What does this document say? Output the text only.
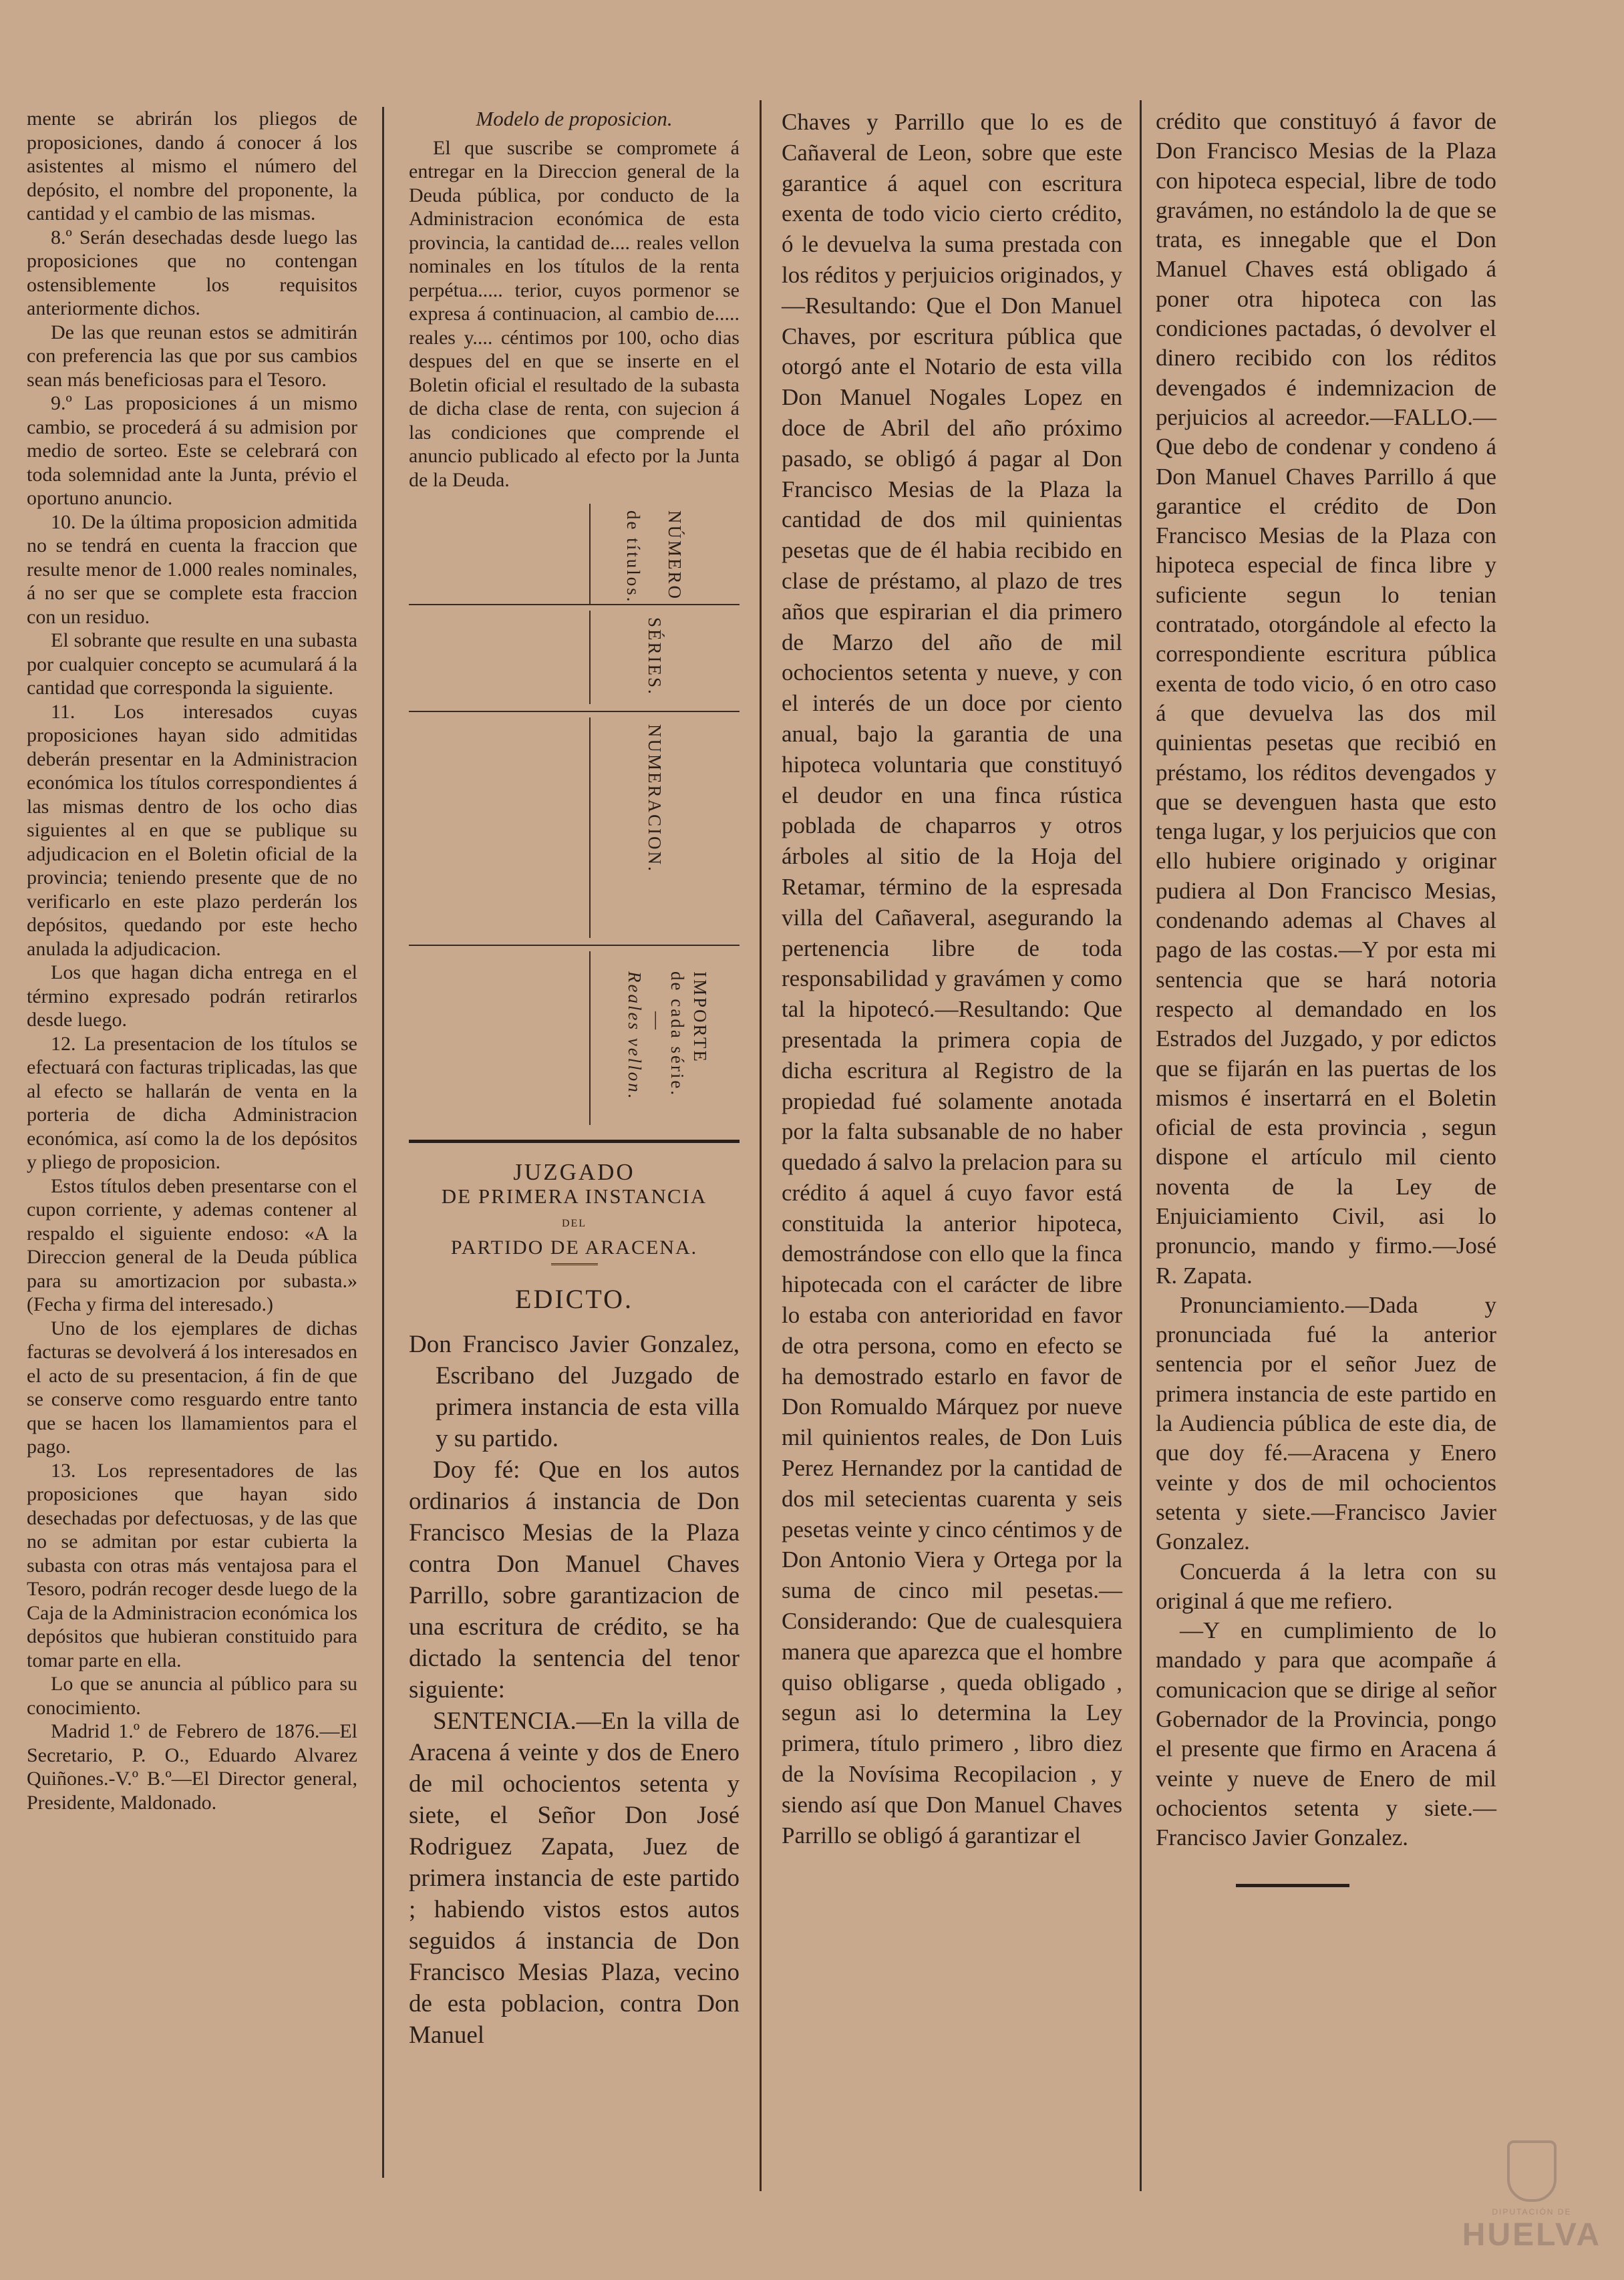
mente se abrirán los pliegos de proposiciones, dando á conocer á los asistentes al mismo el número del depósito, el nombre del proponente, la cantidad y el cambio de las mismas.

8.º Serán desechadas desde luego las proposiciones que no contengan ostensiblemente los requisitos anteriormente dichos.

De las que reunan estos se admitirán con preferencia las que por sus cambios sean más beneficiosas para el Tesoro.

9.º Las proposiciones á un mismo cambio, se procederá á su admision por medio de sorteo. Este se celebrará con toda solemnidad ante la Junta, prévio el oportuno anuncio.

10. De la última proposicion admitida no se tendrá en cuenta la fraccion que resulte menor de 1.000 reales nominales, á no ser que se complete esta fraccion con un residuo.

El sobrante que resulte en una subasta por cualquier concepto se acumulará á la cantidad que corresponda la siguiente.

11. Los interesados cuyas proposiciones hayan sido admitidas deberán presentar en la Administracion económica los títulos correspondientes á las mismas dentro de los ocho dias siguientes al en que se publique su adjudicacion en el Boletin oficial de la provincia; teniendo presente que de no verificarlo en este plazo perderán los depósitos, quedando por este hecho anulada la adjudicacion.

Los que hagan dicha entrega en el término expresado podrán retirarlos desde luego.

12. La presentacion de los títulos se efectuará con facturas triplicadas, las que al efecto se hallarán de venta en la porteria de dicha Administracion económica, así como la de los depósitos y pliego de proposicion.

Estos títulos deben presentarse con el cupon corriente, y ademas contener al respaldo el siguiente endoso: «A la Direccion general de la Deuda pública para su amortizacion por subasta.» (Fecha y firma del interesado.)

Uno de los ejemplares de dichas facturas se devolverá á los interesados en el acto de su presentacion, á fin de que se conserve como resguardo entre tanto que se hacen los llamamientos para el pago.

13. Los representadores de las proposiciones que hayan sido desechadas por defectuosas, y de las que no se admitan por estar cubierta la subasta con otras más ventajosa para el Tesoro, podrán recoger desde luego de la Caja de la Administracion económica los depósitos que hubieran constituido para tomar parte en ella.

Lo que se anuncia al público para su conocimiento.

Madrid 1.º de Febrero de 1876.—El Secretario, P. O., Eduardo Alvarez Quiñones.-V.º B.º—El Director general, Presidente, Maldonado.

Modelo de proposicion.

El que suscribe se compromete á entregar en la Direccion general de la Deuda pública, por conducto de la Administracion económica de esta provincia, la cantidad de.... reales vellon nominales en los títulos de la renta perpétua..... terior, cuyos pormenor se expresa á continuacion, al cambio de..... reales y.... céntimos por 100, ocho dias despues del en que se inserte en el Boletin oficial el resultado de la subasta de dicha clase de renta, con sujecion á las condiciones que comprende el anuncio publicado al efecto por la Junta de la Deuda.

NÚMERO
de títulos.
SÉRIES.
NUMERACION.
IMPORTE
de cada série.
—
Reales vellon.

JUZGADO

DE PRIMERA INSTANCIA

DEL

PARTIDO DE ARACENA.

EDICTO.

Don Francisco Javier Gonzalez, Escribano del Juzgado de primera instancia de esta villa y su partido.

Doy fé: Que en los autos ordinarios á instancia de Don Francisco Mesias de la Plaza contra Don Manuel Chaves Parrillo, sobre garantizacion de una escritura de crédito, se ha dictado la sentencia del tenor siguiente:

SENTENCIA.—En la villa de Aracena á veinte y dos de Enero de mil ochocientos setenta y siete, el Señor Don José Rodriguez Zapata, Juez de primera instancia de este partido ; habiendo vistos estos autos seguidos á instancia de Don Francisco Mesias Plaza, vecino de esta poblacion, contra Don Manuel

Chaves y Parrillo que lo es de Cañaveral de Leon, sobre que este garantice á aquel con escritura exenta de todo vicio cierto crédito, ó le devuelva la suma prestada con los réditos y perjuicios originados, y—Resultando: Que el Don Manuel Chaves, por escritura pública que otorgó ante el Notario de esta villa Don Manuel Nogales Lopez en doce de Abril del año próximo pasado, se obligó á pagar al Don Francisco Mesias de la Plaza la cantidad de dos mil quinientas pesetas que de él habia recibido en clase de préstamo, al plazo de tres años que espirarian el dia primero de Marzo del año de mil ochocientos setenta y nueve, y con el interés de un doce por ciento anual, bajo la garantia de una hipoteca voluntaria que constituyó el deudor en una finca rústica poblada de chaparros y otros árboles al sitio de la Hoja del Retamar, término de la espresada villa del Cañaveral, asegurando la pertenencia libre de toda responsabilidad y gravámen y como tal la hipotecó.—Resultando: Que presentada la primera copia de dicha escritura al Registro de la propiedad fué solamente anotada por la falta subsanable de no haber quedado á salvo la prelacion para su crédito á aquel á cuyo favor está constituida la anterior hipoteca, demostrándose con ello que la finca hipotecada con el carácter de libre lo estaba con anterioridad en favor de otra persona, como en efecto se ha demostrado estarlo en favor de Don Romualdo Márquez por nueve mil quinientos reales, de Don Luis Perez Hernandez por la cantidad de dos mil setecientas cuarenta y seis pesetas veinte y cinco céntimos y de Don Antonio Viera y Ortega por la suma de cinco mil pesetas.—Considerando: Que de cualesquiera manera que aparezca que el hombre quiso obligarse , queda obligado , segun asi lo determina la Ley primera, título primero , libro diez de la Novísima Recopilacion , y siendo así que Don Manuel Chaves Parrillo se obligó á garantizar el

crédito que constituyó á favor de Don Francisco Mesias de la Plaza con hipoteca especial, libre de todo gravámen, no estándolo la de que se trata, es innegable que el Don Manuel Chaves está obligado á poner otra hipoteca con las condiciones pactadas, ó devolver el dinero recibido con los réditos devengados é indemnizacion de perjuicios al acreedor.—FALLO.—Que debo de condenar y condeno á Don Manuel Chaves Parrillo á que garantice el crédito de Don Francisco Mesias de la Plaza con hipoteca especial de finca libre y suficiente segun lo tenian contratado, otorgándole al efecto la correspondiente escritura pública exenta de todo vicio, ó en otro caso á que devuelva las dos mil quinientas pesetas que recibió en préstamo, los réditos devengados y que se devenguen hasta que esto tenga lugar, y los perjuicios que con ello hubiere originado y originar pudiera al Don Francisco Mesias, condenando ademas al Chaves al pago de las costas.—Y por esta mi sentencia que se hará notoria respecto al demandado en los Estrados del Juzgado, y por edictos que se fijarán en las puertas de los mismos é insertarrá en el Boletin oficial de esta provincia , segun dispone el artículo mil ciento noventa de la Ley de Enjuiciamiento Civil, asi lo pronuncio, mando y firmo.—José R. Zapata.

Pronunciamiento.—Dada y pronunciada fué la anterior sentencia por el señor Juez de primera instancia de este partido en la Audiencia pública de este dia, de que doy fé.—Aracena y Enero veinte y dos de mil ochocientos setenta y siete.—Francisco Javier Gonzalez.

Concuerda á la letra con su original á que me refiero.

—Y en cumplimiento de lo mandado y para que acompañe á comunicacion que se dirige al señor Gobernador de la Provincia, pongo el presente que firmo en Aracena á veinte y nueve de Enero de mil ochocientos setenta y siete.—Francisco Javier Gonzalez.

DIPUTACIÓN DE
HUELVA
